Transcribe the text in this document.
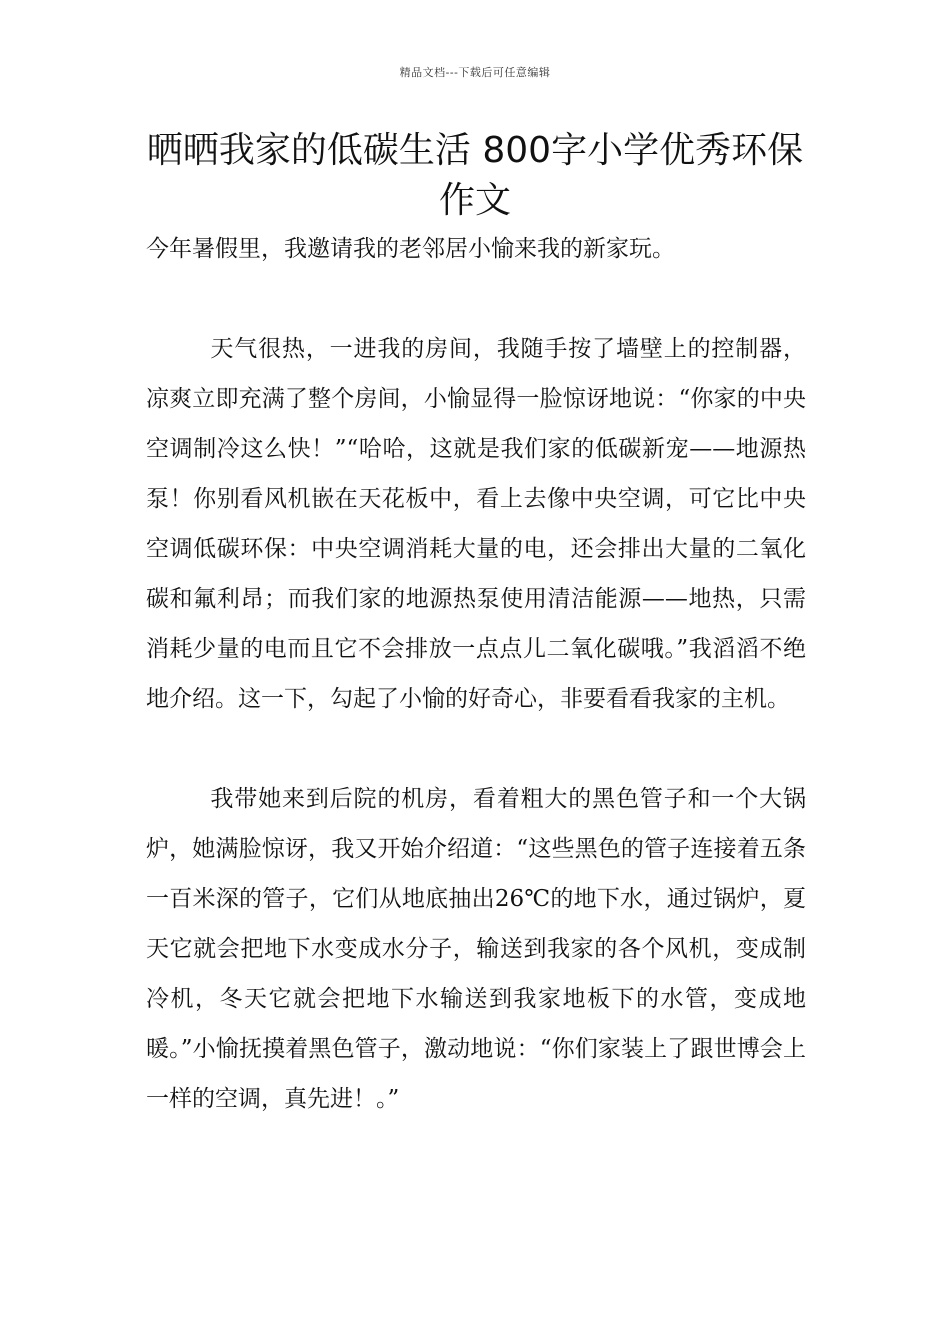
精品文档---下载后可任意编辑
晒晒我家的低碳生活 800字小学优秀环保作文

今年暑假里，我邀请我的老邻居小愉来我的新家玩。

天气很热，一进我的房间，我随手按了墙壁上的控制器，凉爽立即充满了整个房间，小愉显得一脸惊讶地说：“你家的中央空调制冷这么快！”“哈哈，这就是我们家的低碳新宠——地源热泵！你别看风机嵌在天花板中，看上去像中央空调，可它比中央空调低碳环保：中央空调消耗大量的电，还会排出大量的二氧化碳和氟利昂；而我们家的地源热泵使用清洁能源——地热，只需消耗少量的电而且它不会排放一点点儿二氧化碳哦。”我滔滔不绝地介绍。这一下，勾起了小愉的好奇心，非要看看我家的主机。

我带她来到后院的机房，看着粗大的黑色管子和一个大锅炉，她满脸惊讶，我又开始介绍道：“这些黑色的管子连接着五条一百米深的管子，它们从地底抽出26℃的地下水，通过锅炉，夏天它就会把地下水变成水分子，输送到我家的各个风机，变成制冷机，冬天它就会把地下水输送到我家地板下的水管，变成地暖。”小愉抚摸着黑色管子，激动地说：“你们家装上了跟世博会上一样的空调，真先进！。”
